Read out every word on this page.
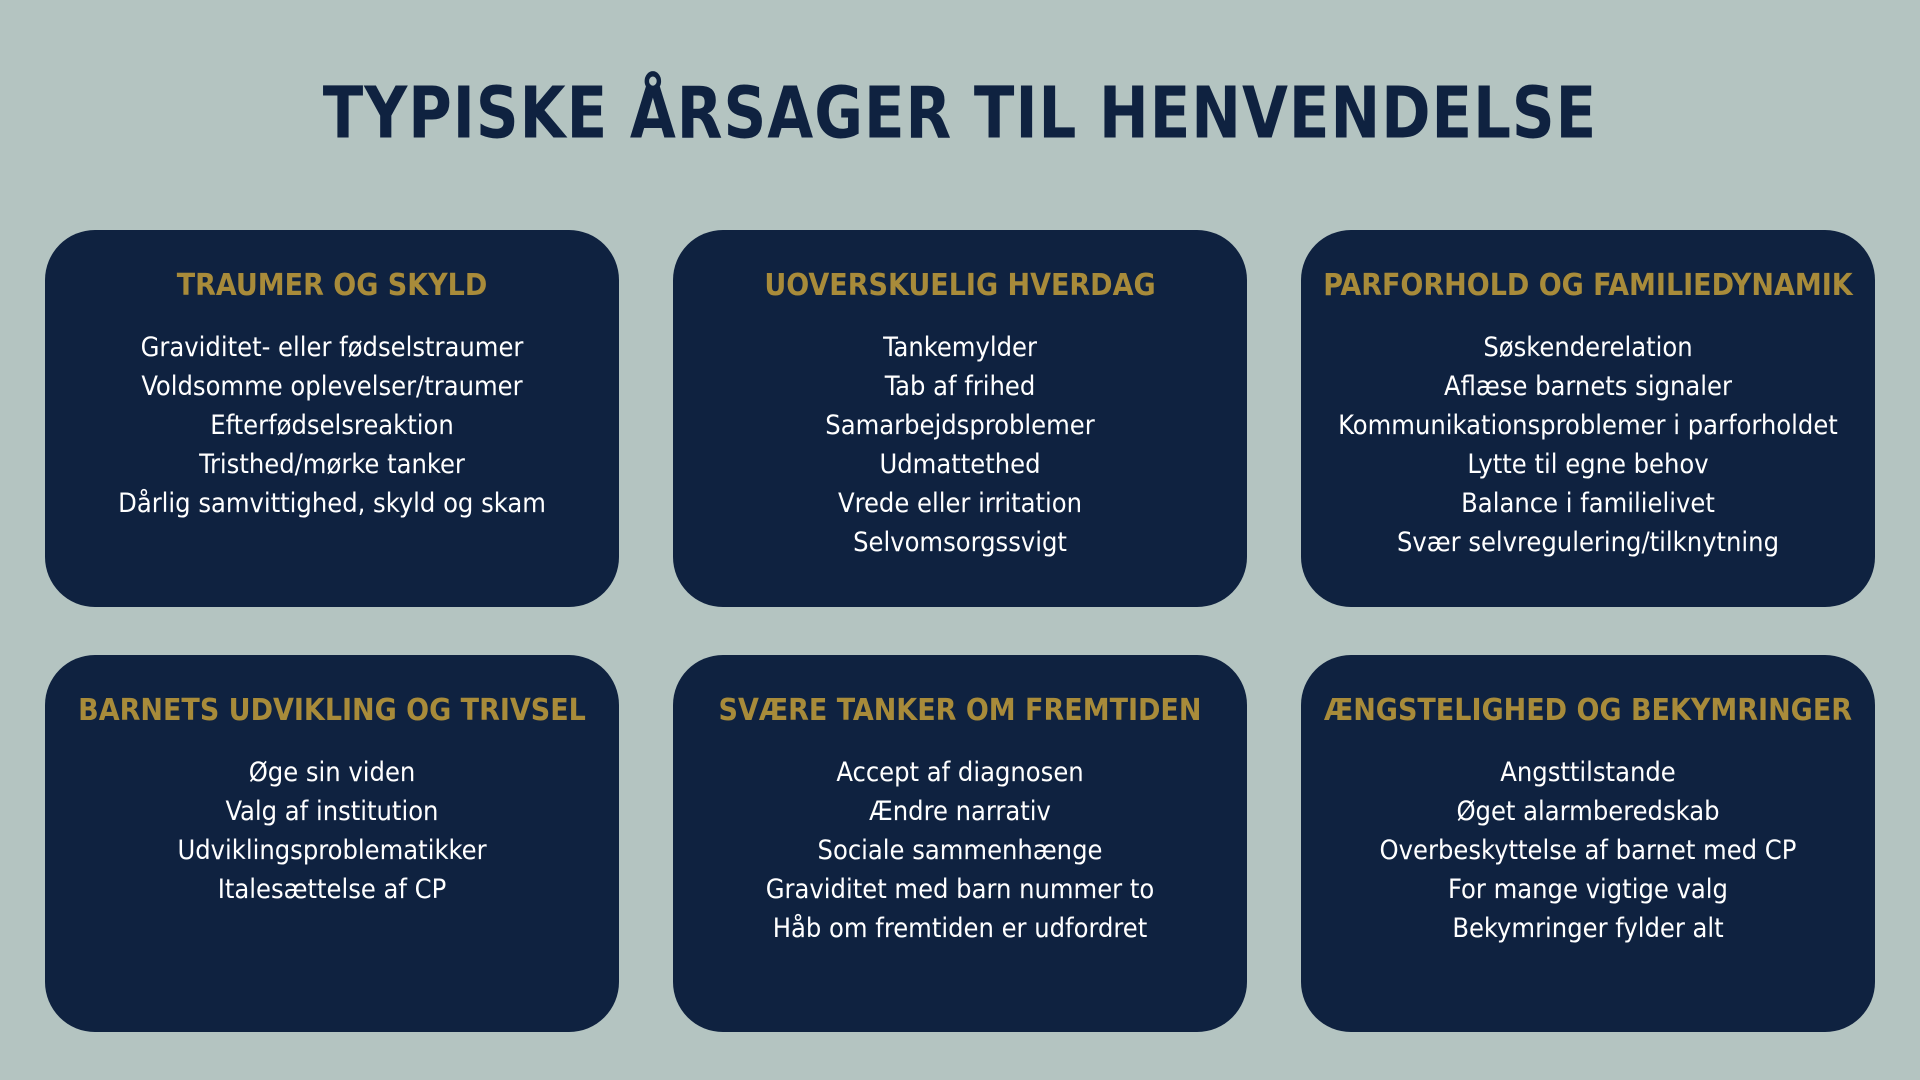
TYPISKE ÅRSAGER TIL HENVENDELSE
TRAUMER OG SKYLD
Graviditet- eller fødselstraumer
Voldsomme oplevelser/traumer
Efterfødselsreaktion
Tristhed/mørke tanker
Dårlig samvittighed, skyld og skam
UOVERSKUELIG HVERDAG
Tankemylder
Tab af frihed
Samarbejdsproblemer
Udmattethed
Vrede eller irritation
Selvomsorgssvigt
PARFORHOLD OG FAMILIEDYNAMIK
Søskenderelation
Aflæse barnets signaler
Kommunikationsproblemer i parforholdet
Lytte til egne behov
Balance i familielivet
Svær selvregulering/tilknytning
BARNETS UDVIKLING OG TRIVSEL
Øge sin viden
Valg af institution
Udviklingsproblematikker
Italesættelse af CP
SVÆRE TANKER OM FREMTIDEN
Accept af diagnosen
Ændre narrativ
Sociale sammenhænge
Graviditet med barn nummer to
Håb om fremtiden er udfordret
ÆNGSTELIGHED OG BEKYMRINGER
Angsttilstande
Øget alarmberedskab
Overbeskyttelse af barnet med CP
For mange vigtige valg
Bekymringer fylder alt
